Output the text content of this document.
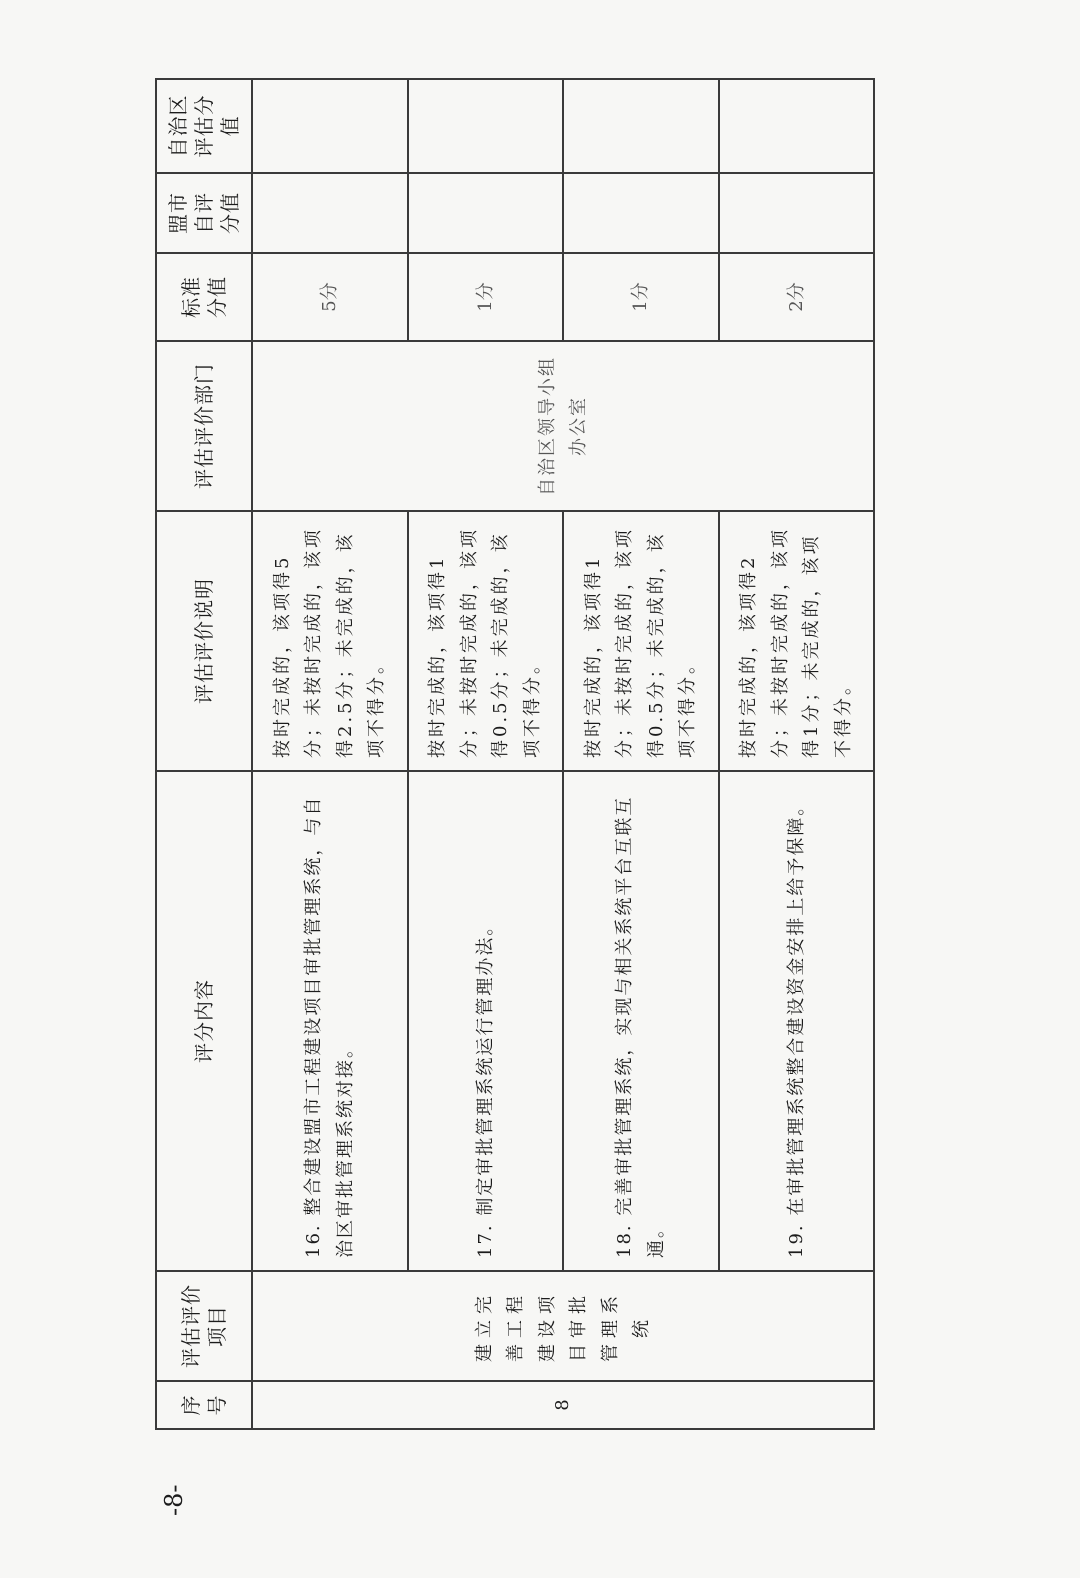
序号	评估评价项目	评分内容	评估评价说明	评估评价部门	标准分值	盟市自评分值	自治区评估分值
8	建立完善工程建设项目审批管理系统	16. 整合建设盟市工程建设项目审批管理系统，与自治区审批管理系统对接。	按时完成的，该项得5分；未按时完成的，该项得2.5分；未完成的，该项不得分。	自治区领导小组办公室	5分		
		17. 制定审批管理系统运行管理办法。	按时完成的，该项得1分；未按时完成的，该项得0.5分；未完成的，该项不得分。		1分		
		18. 完善审批管理系统，实现与相关系统平台互联互通。	按时完成的，该项得1分；未按时完成的，该项得0.5分；未完成的，该项不得分。		1分		
		19. 在审批管理系统整合建设资金安排上给予保障。	按时完成的，该项得2分；未按时完成的，该项得1分；未完成的，该项不得分。		2分		
-8-
